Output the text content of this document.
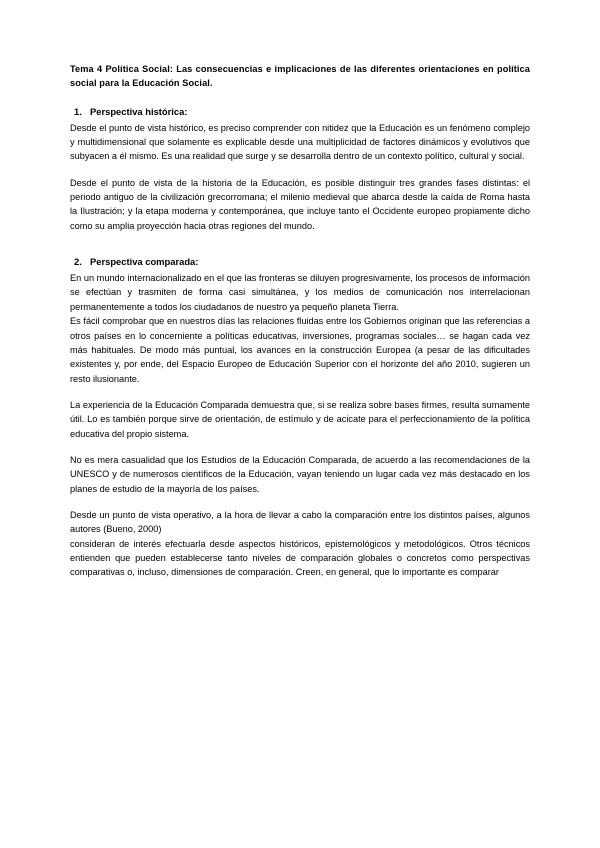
Tema 4 Política Social: Las consecuencias e implicaciones de las diferentes orientaciones en política social para la Educación Social.
1. Perspectiva histórica:

Desde el punto de vista histórico, es preciso comprender con nitidez que la Educación es un fenómeno complejo y multidimensional que solamente es explicable desde una multiplicidad de factores dinámicos y evolutivos que subyacen a él mismo. Es una realidad que surge y se desarrolla dentro de un contexto político, cultural y social.

Desde el punto de vista de la historia de la Educación, es posible distinguir tres grandes fases distintas: el periodo antiguo de la civilización grecorromana; el milenio medieval que abarca desde la caída de Roma hasta la Ilustración; y la etapa moderna y contemporánea, que incluye tanto el Occidente europeo propiamente dicho como su amplia proyección hacia otras regiones del mundo.

2. Perspectiva comparada:

En un mundo internacionalizado en el que las fronteras se diluyen progresivamente, los procesos de información se efectúan y trasmiten de forma casi simultánea, y los medios de comunicación nos interrelacionan permanentemente a todos los ciudadanos de nuestro ya pequeño planeta Tierra.

Es fácil comprobar que en nuestros días las relaciones fluidas entre los Gobiernos originan que las referencias a otros países en lo concerniente a políticas educativas, inversiones, programas sociales… se hagan cada vez más habituales. De modo más puntual, los avances en la construcción Europea (a pesar de las dificultades existentes y, por ende, del Espacio Europeo de Educación Superior con el horizonte del año 2010, sugieren un resto ilusionante.

La experiencia de la Educación Comparada demuestra que, si se realiza sobre bases firmes, resulta sumamente útil. Lo es también porque sirve de orientación, de estímulo y de acicate para el perfeccionamiento de la política educativa del propio sistema.

No es mera casualidad que los Estudios de la Educación Comparada, de acuerdo a las recomendaciones de la UNESCO y de numerosos científicos de la Educación, vayan teniendo un lugar cada vez más destacado en los planes de estudio de la mayoría de los países.

Desde un punto de vista operativo, a la hora de llevar a cabo la comparación entre los distintos países, algunos autores (Bueno, 2000)

consideran de interés efectuarla desde aspectos históricos, epistemológicos y metodológicos. Otros técnicos entienden que pueden establecerse tanto niveles de comparación globales o concretos como perspectivas comparativas o, incluso, dimensiones de comparación. Creen, en general, que lo importante es comparar
